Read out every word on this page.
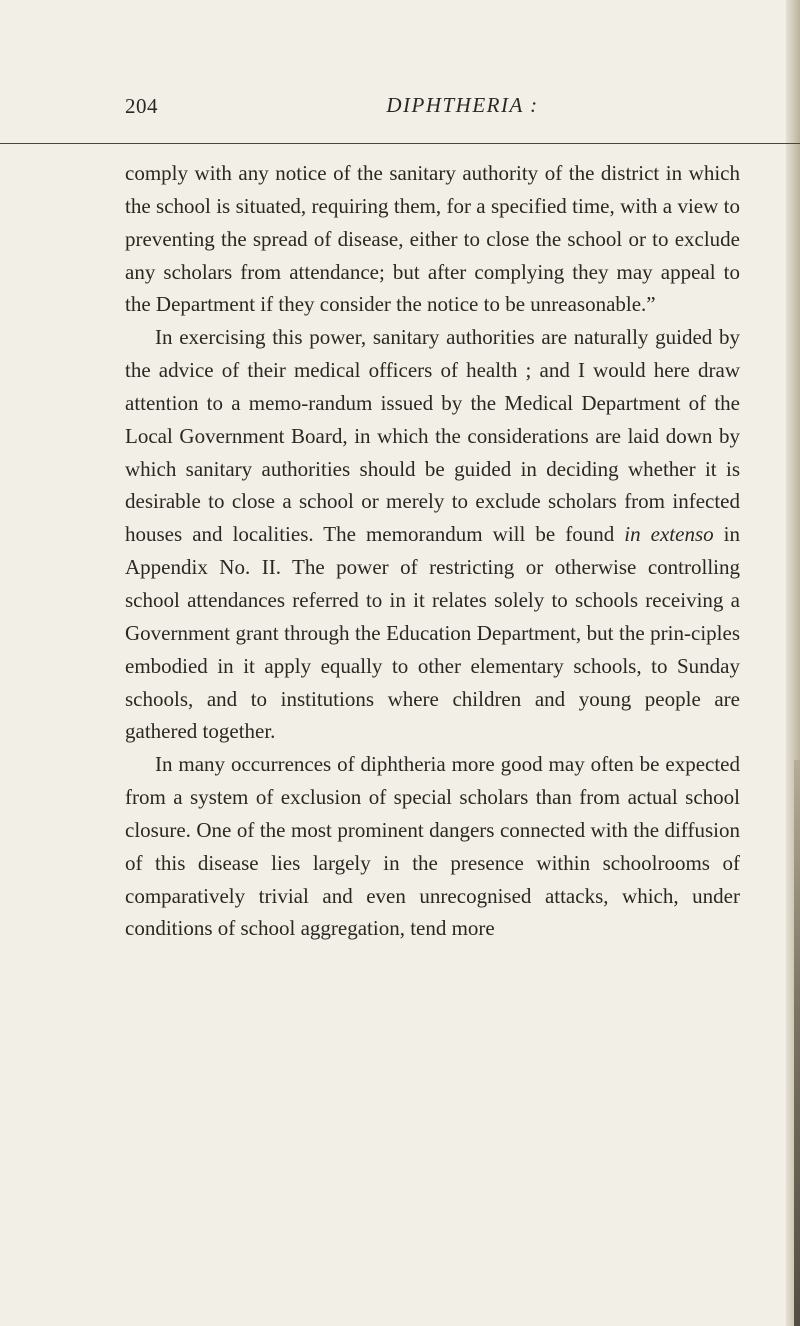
204	DIPHTHERIA :

comply with any notice of the sanitary authority of the district in which the school is situated, requiring them, for a specified time, with a view to preventing the spread of disease, either to close the school or to exclude any scholars from attendance; but after complying they may appeal to the Department if they consider the notice to be unreasonable.”

In exercising this power, sanitary authorities are naturally guided by the advice of their medical officers of health ; and I would here draw attention to a memo-randum issued by the Medical Department of the Local Government Board, in which the considerations are laid down by which sanitary authorities should be guided in deciding whether it is desirable to close a school or merely to exclude scholars from infected houses and localities. The memorandum will be found in extenso in Appendix No. II. The power of restricting or otherwise controlling school attendances referred to in it relates solely to schools receiving a Government grant through the Education Department, but the prin-ciples embodied in it apply equally to other elementary schools, to Sunday schools, and to institutions where children and young people are gathered together.

In many occurrences of diphtheria more good may often be expected from a system of exclusion of special scholars than from actual school closure. One of the most prominent dangers connected with the diffusion of this disease lies largely in the presence within schoolrooms of comparatively trivial and even unrecognised attacks, which, under conditions of school aggregation, tend more
